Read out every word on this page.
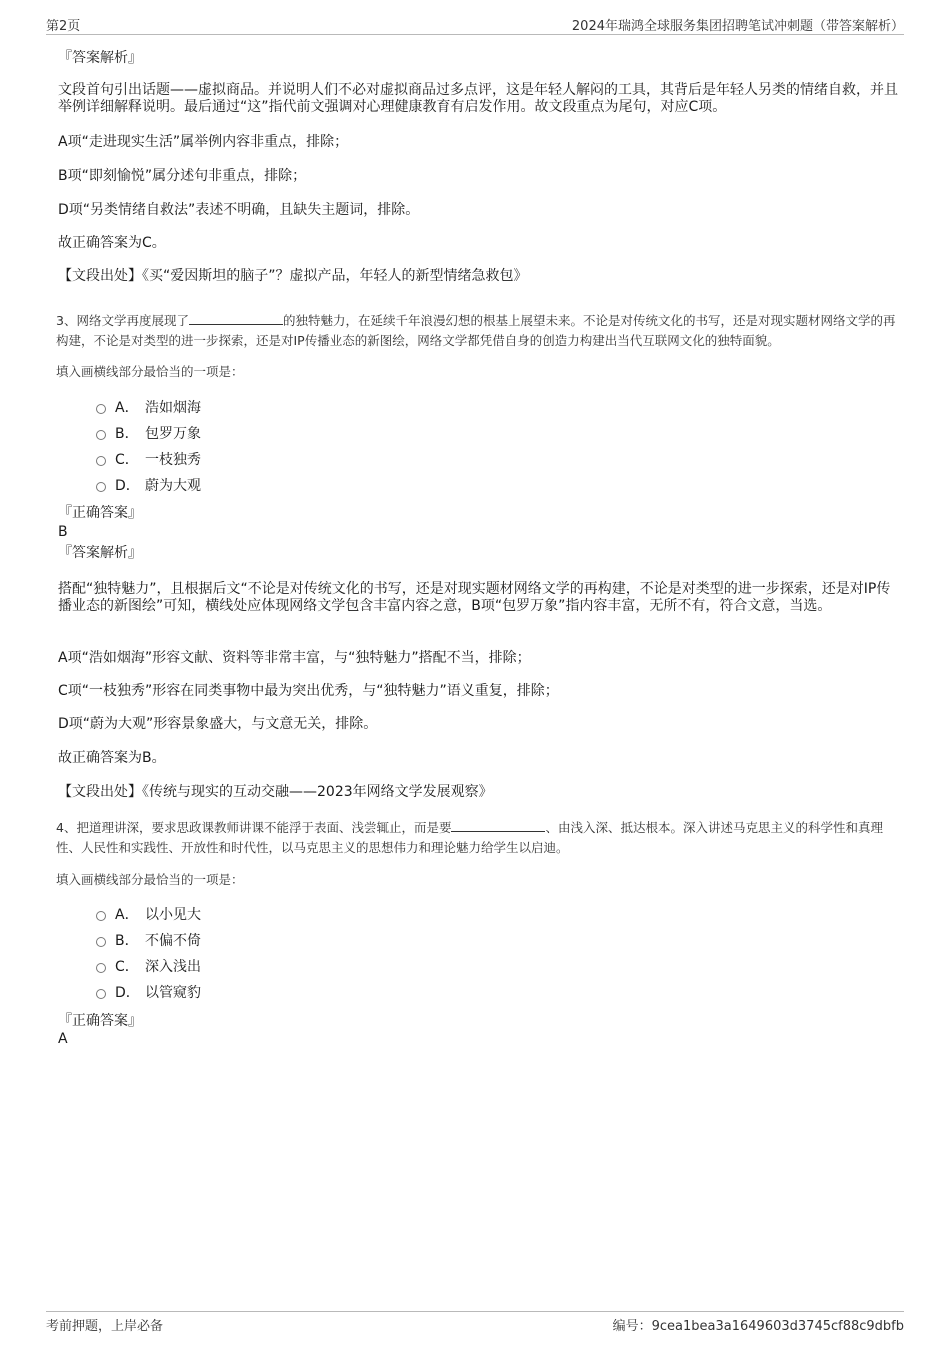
第2页	2024年瑞鸿全球服务集团招聘笔试冲刺题（带答案解析）
『答案解析』
文段首句引出话题——虚拟商品。并说明人们不必对虚拟商品过多点评，这是年轻人解闷的工具，其背后是年轻人另类的情绪自救，并且举例详细解释说明。最后通过“这”指代前文强调对心理健康教育有启发作用。故文段重点为尾句，对应C项。
A项“走进现实生活”属举例内容非重点，排除；
B项“即刻愉悦”属分述句非重点，排除；
D项“另类情绪自救法”表述不明确，且缺失主题词，排除。
故正确答案为C。
【文段出处】《买“爱因斯坦的脑子”？虚拟产品，年轻人的新型情绪急救包》
3、网络文学再度展现了	的独特魅力，在延续千年浪漫幻想的根基上展望未来。不论是对传统文化的书写，还是对现实题材网络文学的再构建，不论是对类型的进一步探索，还是对IP传播业态的新图绘，网络文学都凭借自身的创造力构建出当代互联网文化的独特面貌。
填入画横线部分最恰当的一项是：
A． 浩如烟海
B． 包罗万象
C． 一枝独秀
D． 蔚为大观
『正确答案』
B
『答案解析』
搭配“独特魅力”，且根据后文“不论是对传统文化的书写，还是对现实题材网络文学的再构建，不论是对类型的进一步探索，还是对IP传播业态的新图绘”可知，横线处应体现网络文学包含丰富内容之意，B项“包罗万象”指内容丰富，无所不有，符合文意，当选。
A项“浩如烟海”形容文献、资料等非常丰富，与“独特魅力”搭配不当，排除；
C项“一枝独秀”形容在同类事物中最为突出优秀，与“独特魅力”语义重复，排除；
D项“蔚为大观”形容景象盛大，与文意无关，排除。
故正确答案为B。
【文段出处】《传统与现实的互动交融——2023年网络文学发展观察》
4、把道理讲深，要求思政课教师讲课不能浮于表面、浅尝辄止，而是要	、由浅入深、抵达根本。深入讲述马克思主义的科学性和真理性、人民性和实践性、开放性和时代性，以马克思主义的思想伟力和理论魅力给学生以启迪。
填入画横线部分最恰当的一项是：
A． 以小见大
B． 不偏不倚
C． 深入浅出
D． 以管窥豹
『正确答案』
A
考前押题，上岸必备	编号：9cea1bea3a1649603d3745cf88c9dbfb
